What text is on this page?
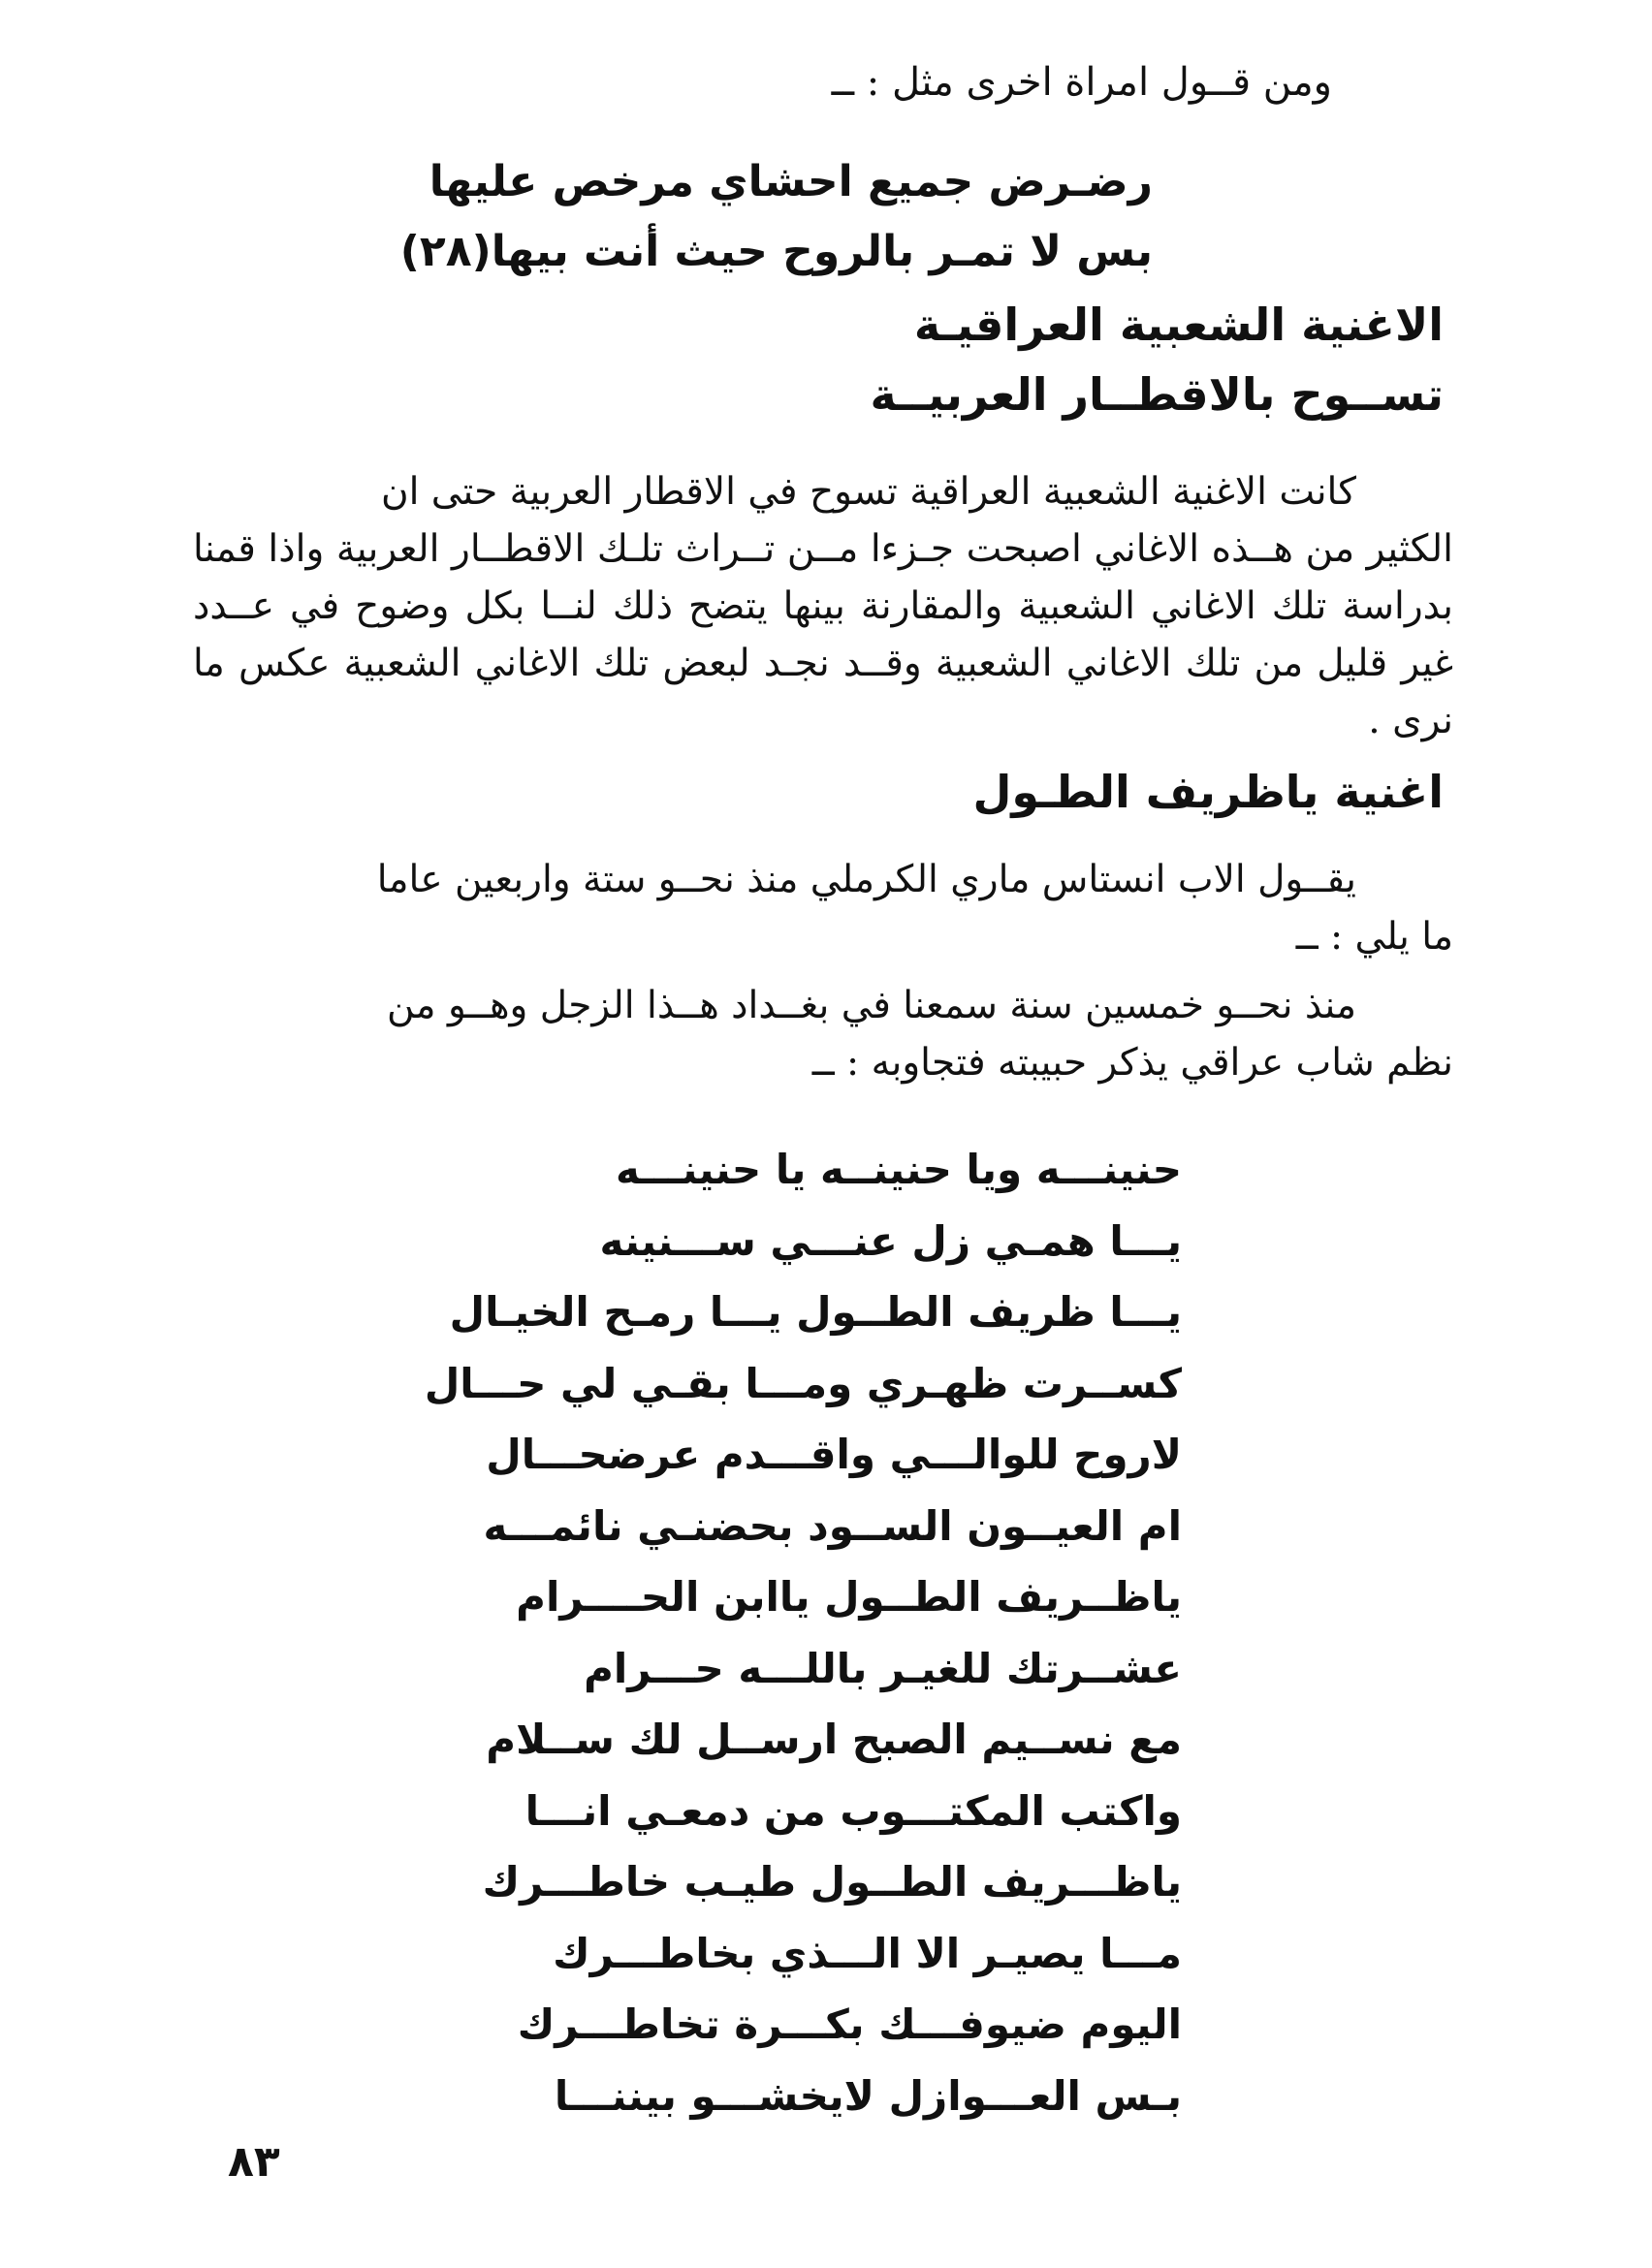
ومن قــول امراة اخرى مثل : ــ
رضـرض جميع احشاي مرخص عليها
بس لا تمـر بالروح حيث أنت بيها(٢٨)
الاغنية الشعبية العراقيـة
تســوح بالاقطــار العربيــة
كانت الاغنية الشعبية العراقية تسوح في الاقطار العربية حتى ان
الكثير من هــذه الاغاني اصبحت جـزءا مــن تــراث تلـك الاقطــار العربية واذا قمنا بدراسة تلك الاغاني الشعبية والمقارنة بينها يتضح ذلك لنــا بكل وضوح في عــدد غير قليل من تلك الاغاني الشعبية وقــد نجـد لبعض تلك الاغاني الشعبية عكس ما نرى .
اغنية ياظريف الطـول
يقــول الاب انستاس ماري الكرملي منذ نحــو ستة واربعين عاما
ما يلي : ــ
منذ نحــو خمسين سنة سمعنا في بغــداد هــذا الزجل وهــو من
نظم شاب عراقي يذكر حبيبته فتجاوبه : ــ
حنينـــه ويا حنينــه يا حنينـــه
يـــا همـي زل عنـــي ســـنينه
يـــا ظريف الطــول يـــا رمـح الخيـال
كســرت ظهـري ومـــا بقـي لي حـــال
لاروح للوالـــي واقـــدم عرضحـــال
ام العيــون الســود بحضنـي نائمـــه
ياظــريف الطــول ياابن الحــــرام
عشــرتك للغيـر باللـــه حـــرام
مع نســيم الصبح ارســل لك ســلام
واكتب المكتـــوب من دمعـي انـــا
ياظـــريف الطــول طيـب خاطـــرك
مـــا يصيـر الا الـــذي بخاطـــرك
اليوم ضيوفـــك بكـــرة تخاطـــرك
بـس العـــوازل لايخشـــو بيننـــا
٨٣
